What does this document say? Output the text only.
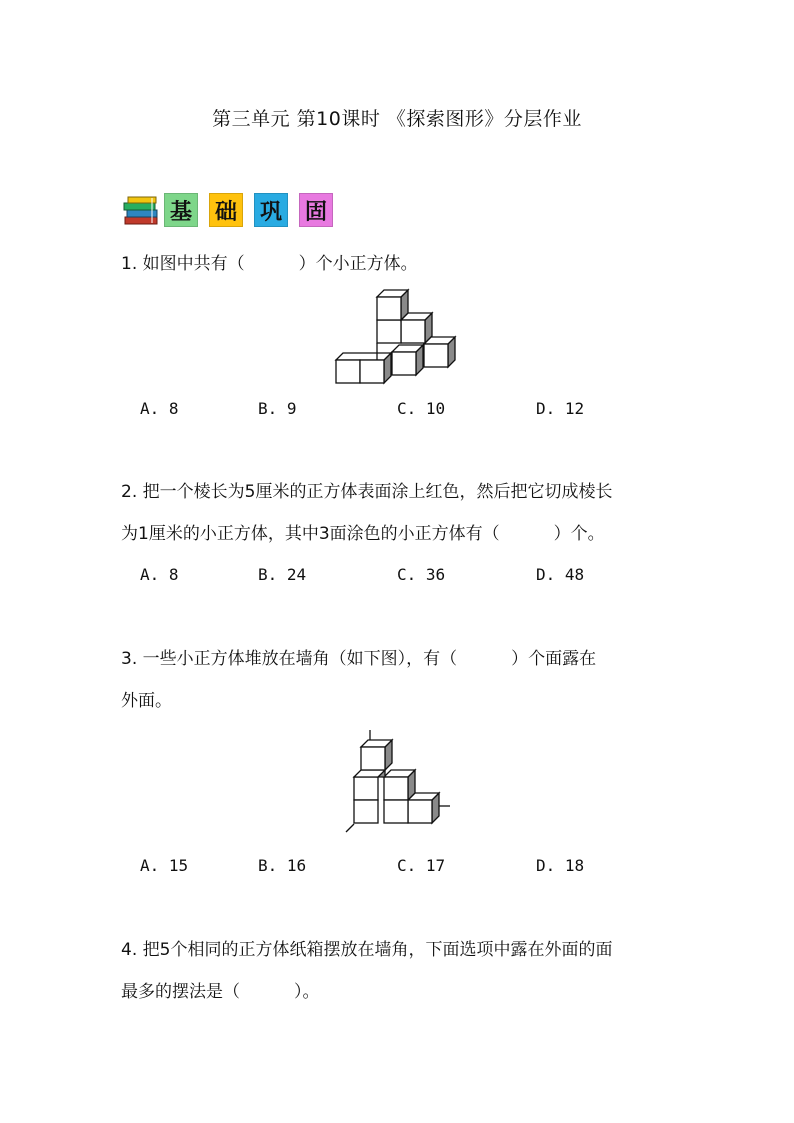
第三单元 第10课时 《探索图形》分层作业
基 础 巩 固
1. 如图中共有（          ）个小正方体。
A. 8	B. 9	C. 10	D. 12
2. 把一个棱长为5厘米的正方体表面涂上红色，然后把它切成棱长
为1厘米的小正方体，其中3面涂色的小正方体有（          ）个。
A. 8	B. 24	C. 36	D. 48
3. 一些小正方体堆放在墙角（如下图），有（          ）个面露在
外面。
A. 15	B. 16	C. 17	D. 18
4. 把5个相同的正方体纸箱摆放在墙角，下面选项中露在外面的面
最多的摆法是（          ）。
